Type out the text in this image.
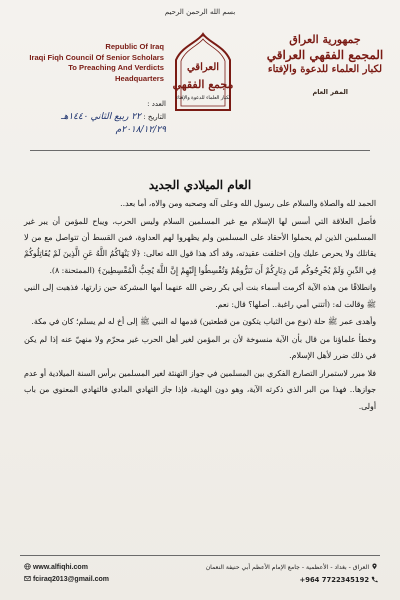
بسم الله الرحمن الرحيم
Republic Of Iraq
Iraqi Fiqh Council Of Senior Scholars
To Preaching And Verdicts
Headquarters
العراقي
مجمع الفقهي
لكبار العلماء للدعوة والإفتاء
جمهورية العراق
المجمع الفقهي العراقي
لكبار العلماء للدعوة والإفتاء
المقر العام
العدد :
التاريخ : ۲۲ ربيع الثاني ١٤٤٠هـ
۲۰۱۸/۱۲/۲۹م
العام الميلادي الجديد

الحمد لله والصلاة والسلام على رسول الله وعلى آله وصحبه ومن والاه، أما بعد..

فأصل العلاقة التي أسس لها الإسلام مع غير المسلمين السلام وليس الحرب، ويباح للمؤمن أن يبر غير المسلمين الذين لم يحملوا الأحقاد على المسلمين ولم يظهروا لهم العداوة، فمن القسط أن تتواصل مع من لا يقاتلك ولا يحرص عليك وإن اختلفت عقيدته، وقد أكد هذا قول الله تعالى: ﴿لَا يَنْهَاكُمُ اللَّهُ عَنِ الَّذِينَ لَمْ يُقَاتِلُوكُمْ فِي الدِّينِ وَلَمْ يُخْرِجُوكُم مِّن دِيَارِكُمْ أَن تَبَرُّوهُمْ وَتُقْسِطُوا إِلَيْهِمْ إِنَّ اللَّهَ يُحِبُّ الْمُقْسِطِينَ﴾ (الممتحنة: ٨).

وانطلاقًا من هذه الآية أكرمت أسماء بنت أبي بكر رضي الله عنهما أمها المشركة حين زارتها، فذهبت إلى النبي ﷺ وقالت له: (أتتني أمي راغبة.. أصلها؟ قال: نعم.

وأهدى عمر ﷺ حلة (نوع من الثياب يتكون من قطعتين) قدمها له النبي ﷺ إلى أخ له لم يسلم؛ كان في مكة.

وخطأ علماؤنا من قال بأن الآية منسوخة لأن بر المؤمن لغير أهل الحرب غير محرّم ولا منهيّ عنه إذا لم يكن في ذلك ضرر لأهل الإسلام.

فلا مبرر لاستمرار التصارع الفكري بين المسلمين في جواز التهنئة لغير المسلمين برأس السنة الميلادية أو عدم جوازها.. فهذا من البر الذي ذكرته الآية، وهو دون الهدية، فإذا جاز التهادي المادي فالتهادي المعنوي من باب أولى.

www.alfiqhi.com
fciraq2013@gmail.com
العراق - بغداد - الأعظمية - جامع الإمام الأعظم أبي حنيفة النعمان
+964 7722345192
